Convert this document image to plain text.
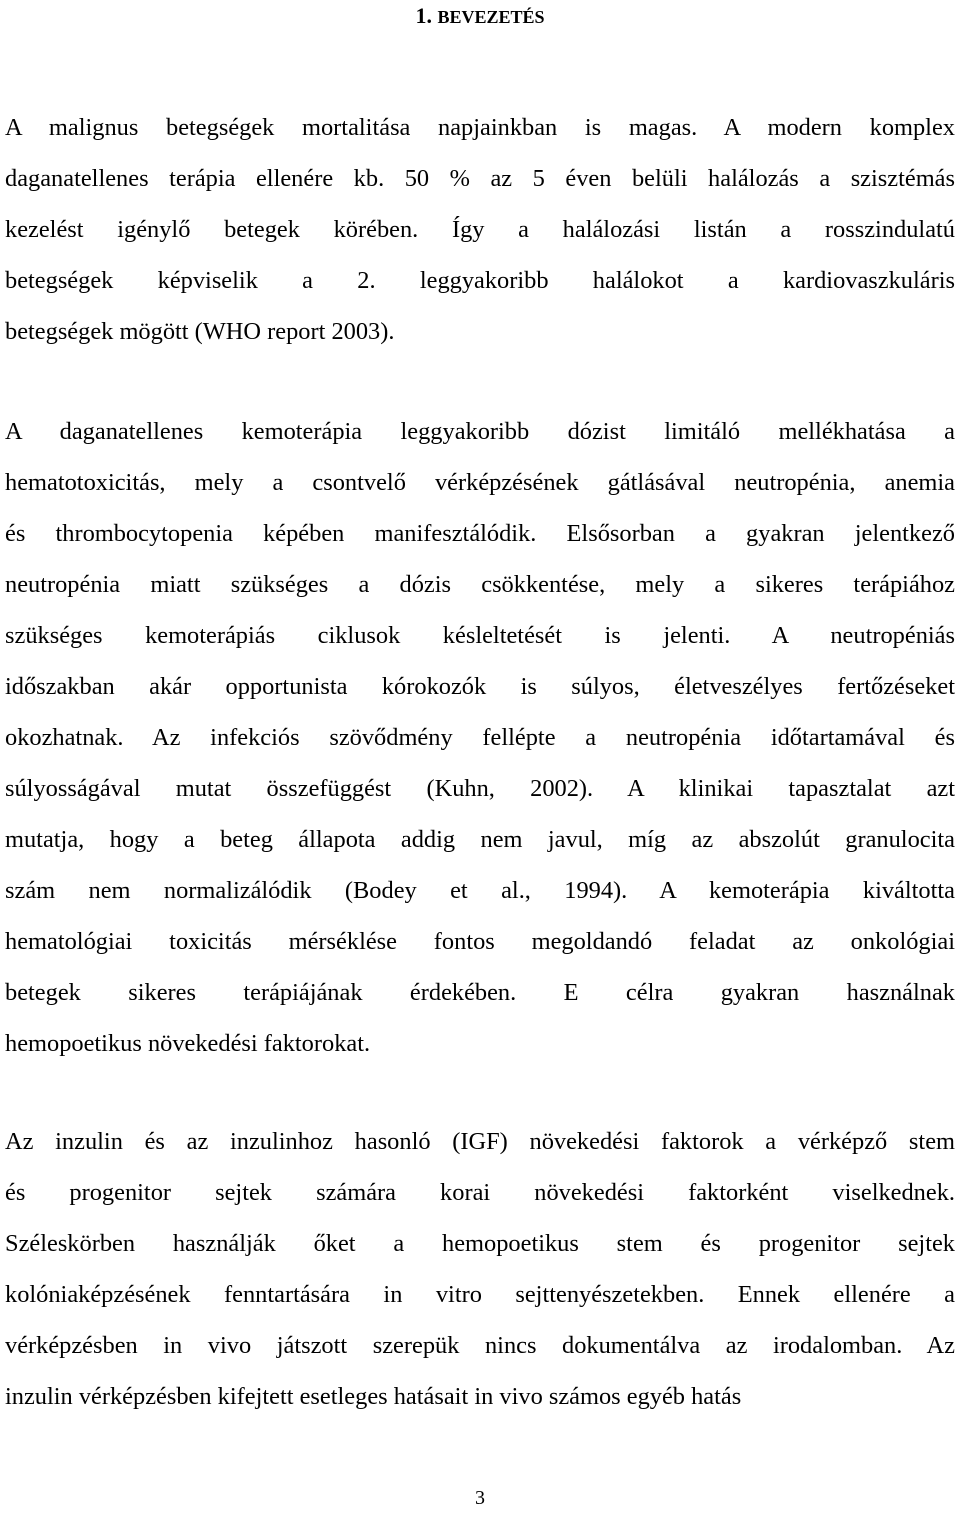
1. BEVEZETÉS
A malignus betegségek mortalitása napjainkban is magas. A modern komplex
daganatellenes terápia ellenére kb. 50 % az 5 éven belüli halálozás a szisztémás
kezelést igénylő betegek körében. Így a halálozási listán a rosszindulatú
betegségek képviselik a 2. leggyakoribb halálokot a kardiovaszkuláris
betegségek mögött (WHO report 2003).
A daganatellenes kemoterápia leggyakoribb dózist limitáló mellékhatása a
hematotoxicitás, mely a csontvelő vérképzésének gátlásával neutropénia, anemia
és thrombocytopenia képében manifesztálódik. Elsősorban a gyakran jelentkező
neutropénia miatt szükséges a dózis csökkentése, mely a sikeres terápiához
szükséges kemoterápiás ciklusok késleltetését is jelenti. A neutropéniás
időszakban akár opportunista kórokozók is súlyos, életveszélyes fertőzéseket
okozhatnak. Az infekciós szövődmény fellépte a neutropénia időtartamával és
súlyosságával mutat összefüggést (Kuhn, 2002). A klinikai tapasztalat azt
mutatja, hogy a beteg állapota addig nem javul, míg az abszolút granulocita
szám nem normalizálódik (Bodey et al., 1994). A kemoterápia kiváltotta
hematológiai toxicitás mérséklése fontos megoldandó feladat az onkológiai
betegek sikeres terápiájának érdekében. E célra gyakran használnak
hemopoetikus növekedési faktorokat.
Az inzulin és az inzulinhoz hasonló (IGF) növekedési faktorok a vérképző stem
és progenitor sejtek számára korai növekedési faktorként viselkednek.
Széleskörben használják őket a hemopoetikus stem és progenitor sejtek
kolóniaképzésének fenntartására in vitro sejttenyészetekben. Ennek ellenére a
vérképzésben in vivo játszott szerepük nincs dokumentálva az irodalomban. Az
inzulin vérképzésben kifejtett esetleges hatásait in vivo számos egyéb hatás
3
